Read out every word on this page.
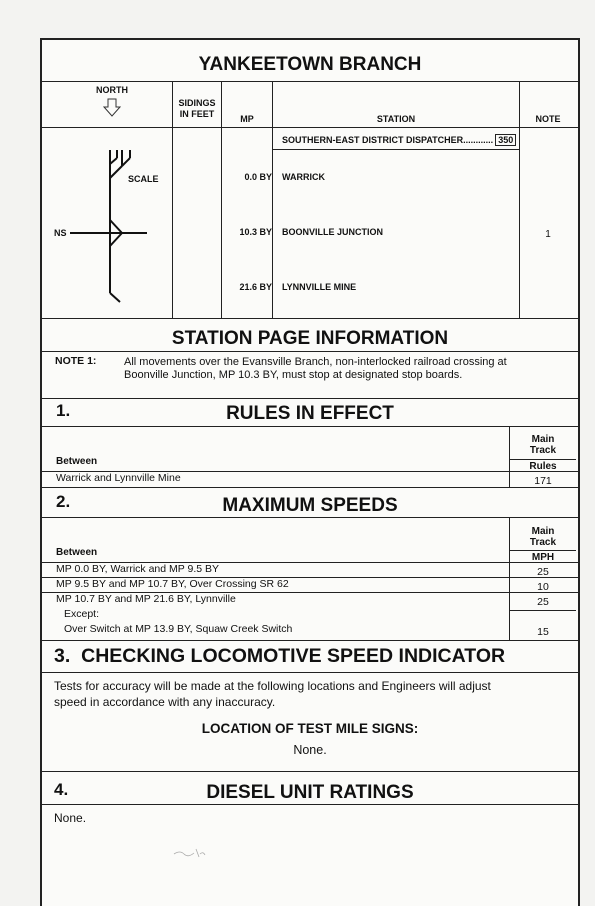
YANKEETOWN BRANCH
NORTH
SIDINGS
IN FEET	MP	STATION	NOTE
SCALE
NS
SOUTHERN-EAST DISTRICT DISPATCHER............ 350
0.0 BY WARRICK
10.3 BY BOONVILLE JUNCTION	1
21.6 BY LYNNVILLE MINE
STATION PAGE INFORMATION
NOTE 1:	All movements over the Evansville Branch, non-interlocked railroad crossing at
Boonville Junction, MP 10.3 BY, must stop at designated stop boards.
1.	RULES IN EFFECT
Main
Track
Rules
Between
Warrick and Lynnville Mine	171
2.	MAXIMUM SPEEDS
Main
Track
MPH
Between
MP 0.0 BY, Warrick and MP 9.5 BY	25
MP 9.5 BY and MP 10.7 BY, Over Crossing SR 62	10
MP 10.7 BY and MP 21.6 BY, Lynnville	25
Except:
Over Switch at MP 13.9 BY, Squaw Creek Switch	15
3. CHECKING LOCOMOTIVE SPEED INDICATOR
Tests for accuracy will be made at the following locations and Engineers will adjust
speed in accordance with any inaccuracy.
LOCATION OF TEST MILE SIGNS:
None.
4.	DIESEL UNIT RATINGS
None.
